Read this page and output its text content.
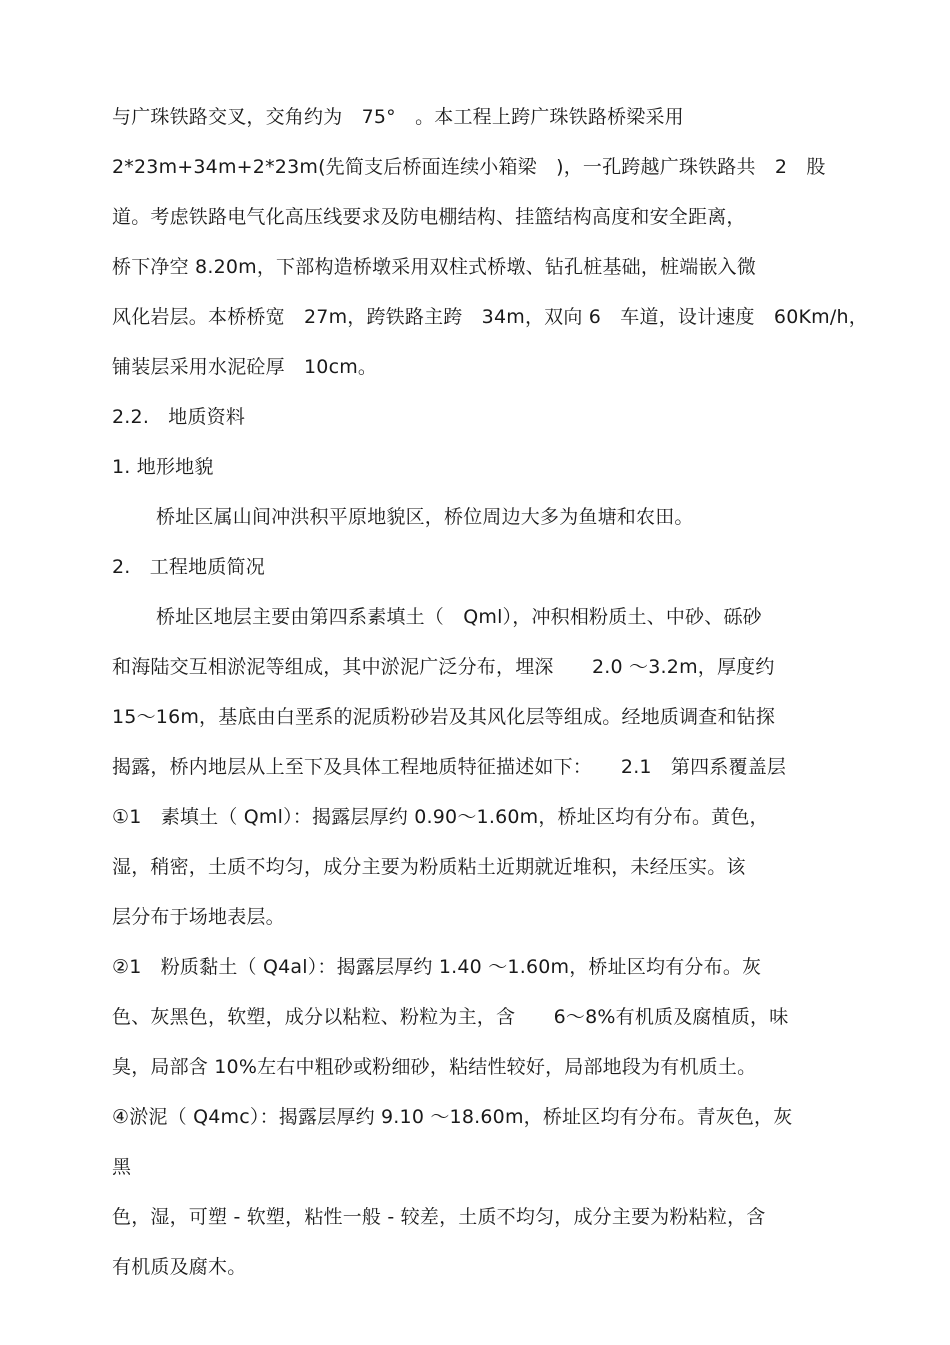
与广珠铁路交叉，交角约为　75°　。本工程上跨广珠铁路桥梁采用
2*23m+34m+2*23m(先简支后桥面连续小箱梁　)，一孔跨越广珠铁路共　2　股
道。考虑铁路电气化高压线要求及防电棚结构、挂篮结构高度和安全距离，
桥下净空 8.20m，下部构造桥墩采用双柱式桥墩、钻孔桩基础，桩端嵌入微
风化岩层。本桥桥宽　27m，跨铁路主跨　34m，双向 6　车道，设计速度　60Km/h，
铺装层采用水泥砼厚　10cm。
2.2.　地质资料
1. 地形地貌
桥址区属山间冲洪积平原地貌区，桥位周边大多为鱼塘和农田。
2.　工程地质简况
桥址区地层主要由第四系素填土（　Qml），冲积相粉质土、中砂、砾砂
和海陆交互相淤泥等组成，其中淤泥广泛分布，埋深　　2.0 ～3.2m，厚度约
15～16m，基底由白垩系的泥质粉砂岩及其风化层等组成。经地质调查和钻探
揭露，桥内地层从上至下及具体工程地质特征描述如下：　　2.1　第四系覆盖层
①1　素填土（ Qml）：揭露层厚约 0.90～1.60m，桥址区均有分布。黄色，
湿，稍密，土质不均匀，成分主要为粉质粘土近期就近堆积，未经压实。该
层分布于场地表层。
②1　粉质黏土（ Q4al）：揭露层厚约 1.40 ～1.60m，桥址区均有分布。灰
色、灰黑色，软塑，成分以粘粒、粉粒为主，含　　6～8%有机质及腐植质，味
臭，局部含 10%左右中粗砂或粉细砂，粘结性较好，局部地段为有机质土。
④淤泥（ Q4mc）：揭露层厚约 9.10 ～18.60m，桥址区均有分布。青灰色，灰
黑
色，湿，可塑 - 软塑，粘性一般 - 较差，土质不均匀，成分主要为粉粘粒，含
有机质及腐木。
